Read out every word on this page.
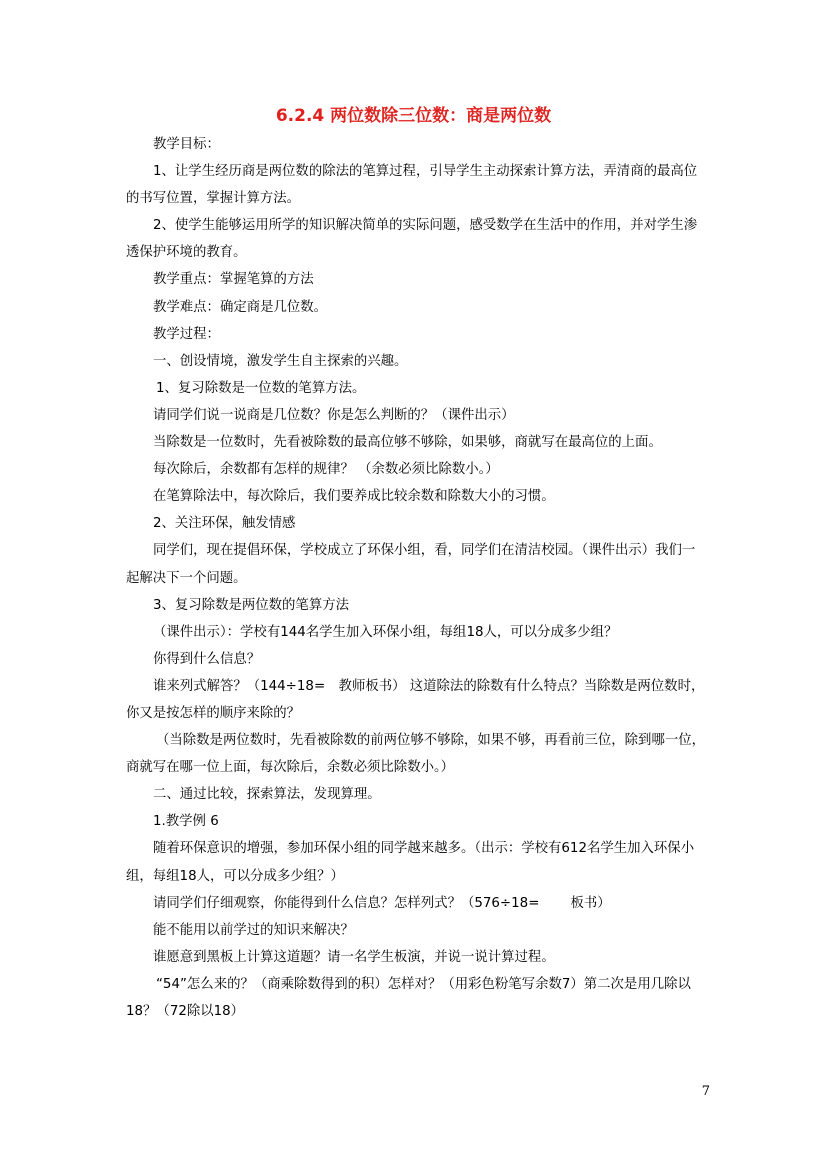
6.2.4 两位数除三位数：商是两位数

教学目标：

1、让学生经历商是两位数的除法的笔算过程，引导学生主动探索计算方法，弄清商的最高位的书写位置，掌握计算方法。

2、使学生能够运用所学的知识解决简单的实际问题，感受数学在生活中的作用，并对学生渗透保护环境的教育。

教学重点：掌握笔算的方法

教学难点：确定商是几位数。

教学过程：

一、创设情境，激发学生自主探索的兴趣。

1、复习除数是一位数的笔算方法。

请同学们说一说商是几位数？你是怎么判断的？（课件出示）

当除数是一位数时，先看被除数的最高位够不够除，如果够，商就写在最高位的上面。

每次除后，余数都有怎样的规律？ （余数必须比除数小。）

在笔算除法中，每次除后，我们要养成比较余数和除数大小的习惯。

2、关注环保，触发情感

同学们，现在提倡环保，学校成立了环保小组，看，同学们在清洁校园。（课件出示）我们一起解决下一个问题。

3、复习除数是两位数的笔算方法

（课件出示）：学校有144名学生加入环保小组，每组18人，可以分成多少组？

你得到什么信息？

谁来列式解答？（144÷18=　教师板书） 这道除法的除数有什么特点？当除数是两位数时，你又是按怎样的顺序来除的？

（当除数是两位数时，先看被除数的前两位够不够除，如果不够，再看前三位，除到哪一位，商就写在哪一位上面，每次除后，余数必须比除数小。）

二、通过比较，探索算法，发现算理。

1.教学例 6

随着环保意识的增强，参加环保小组的同学越来越多。（出示：学校有612名学生加入环保小组，每组18人，可以分成多少组？）

请同学们仔细观察，你能得到什么信息？怎样列式？（576÷18=　　 板书）

能不能用以前学过的知识来解决？

谁愿意到黑板上计算这道题？请一名学生板演，并说一说计算过程。

“54”怎么来的？（商乘除数得到的积）怎样对？（用彩色粉笔写余数7）第二次是用几除以18？（72除以18）

7
